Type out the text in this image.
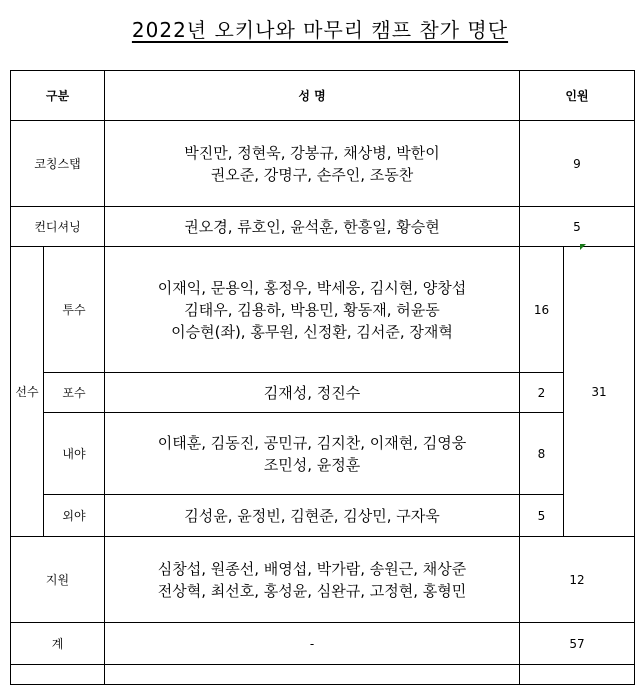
2022년 오키나와 마무리 캠프 참가 명단
구분		성 명	인원	
코칭스탭		박진만, 정현욱, 강봉규, 채상병, 박한이
권오준, 강명구, 손주인, 조동찬	9	
컨디셔닝		권오경, 류호인, 윤석훈, 한흥일, 황승현	5	
선수	투수	이재익, 문용익, 홍정우, 박세웅, 김시현, 양창섭
김태우, 김용하, 박용민, 황동재, 허윤동
이승현(좌), 홍무원, 신정환, 김서준, 장재혁	16	31
	포수	김재성, 정진수	2	
	내야	이태훈, 김동진, 공민규, 김지찬, 이재현, 김영웅
조민성, 윤정훈	8	
	외야	김성윤, 윤정빈, 김현준, 김상민, 구자욱	5	
지원		심창섭, 원종선, 배영섭, 박가람, 송원근, 채상준
전상혁, 최선호, 홍성윤, 심완규, 고정현, 홍형민	12	
계		-	57	
